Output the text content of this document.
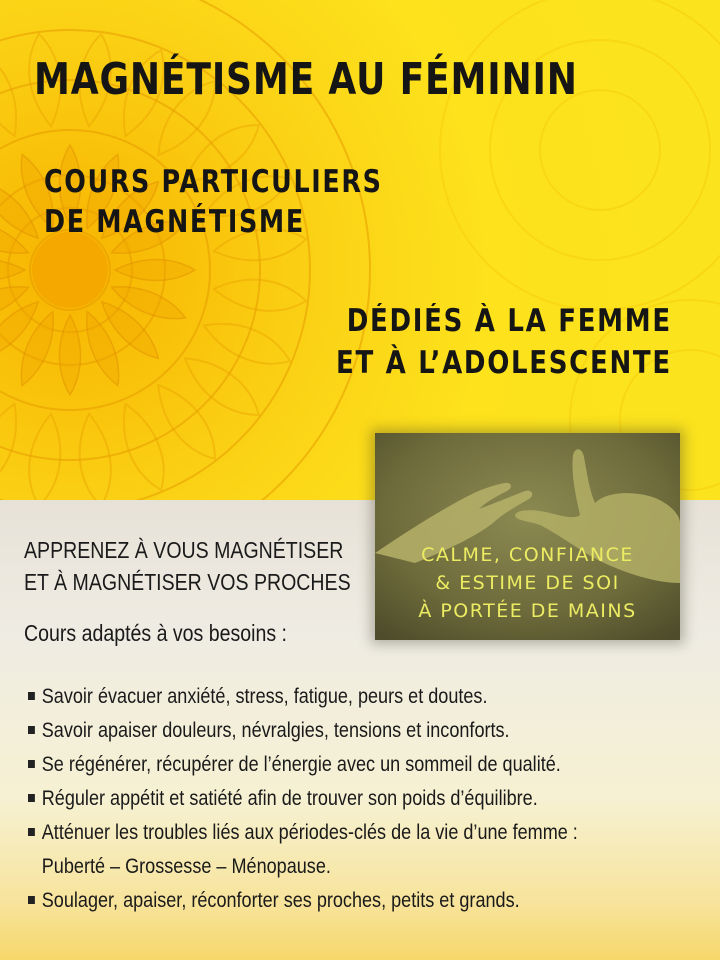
MAGNÉTISME AU FÉMININ
COURS PARTICULIERS
DE MAGNÉTISME
DÉDIÉS À LA FEMME
ET À L’ADOLESCENTE
CALME, CONFIANCE
& ESTIME DE SOI
À PORTÉE DE MAINS

APPRENEZ À VOUS MAGNÉTISER
ET À MAGNÉTISER VOS PROCHES

Cours adaptés à vos besoins :

Savoir évacuer anxiété, stress, fatigue, peurs et doutes.
Savoir apaiser douleurs, névralgies, tensions et inconforts.
Se régénérer, récupérer de l’énergie avec un sommeil de qualité.
Réguler appétit et satiété afin de trouver son poids d’équilibre.
Atténuer les troubles liés aux périodes-clés de la vie d’une femme :
Puberté – Grossesse – Ménopause.
Soulager, apaiser, réconforter ses proches, petits et grands.
